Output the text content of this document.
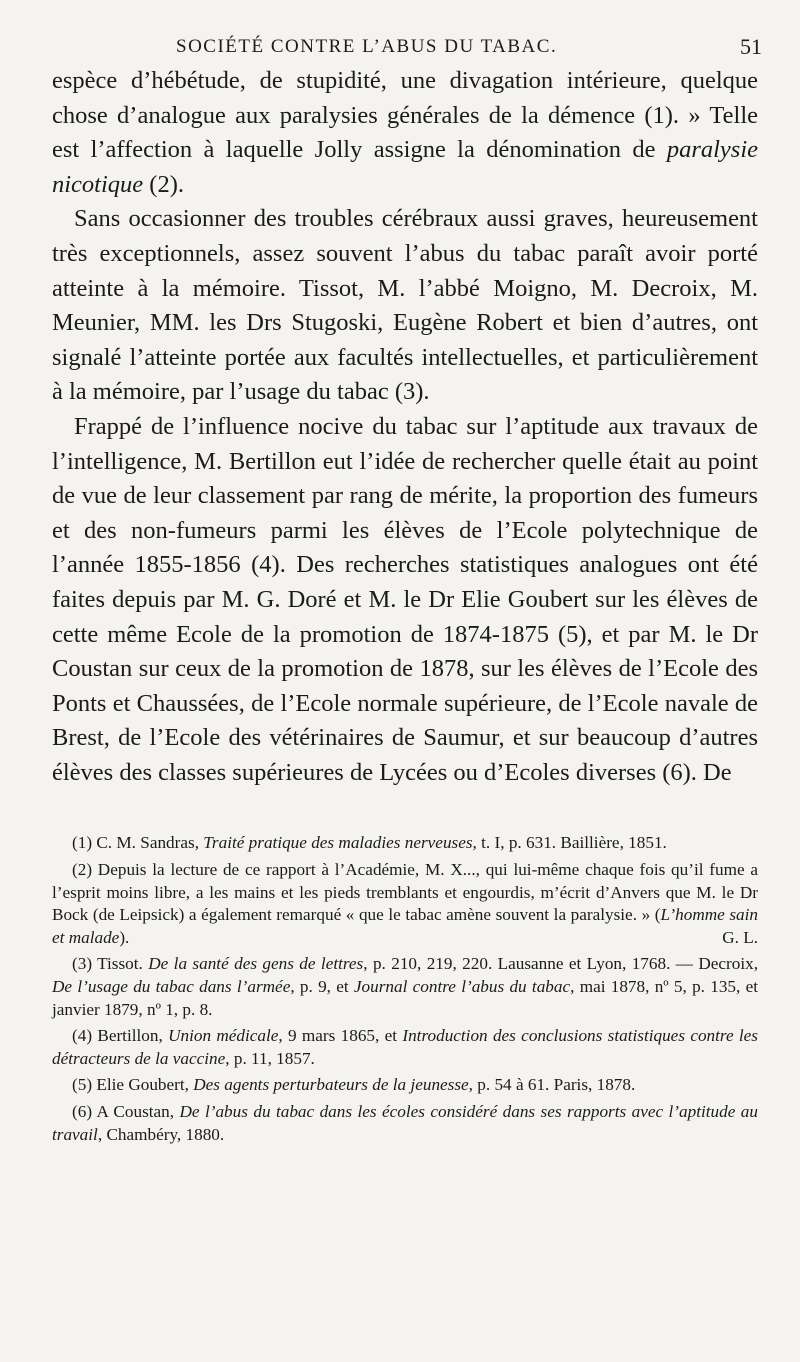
SOCIÉTÉ CONTRE L’ABUS DU TABAC.	51

espèce d’hébétude, de stupidité, une divagation intérieure, quelque chose d’analogue aux paralysies générales de la démence (1). » Telle est l’affection à laquelle Jolly assigne la dénomination de paralysie nicotique (2).

Sans occasionner des troubles cérébraux aussi graves, heureusement très exceptionnels, assez souvent l’abus du tabac paraît avoir porté atteinte à la mémoire. Tissot, M. l’abbé Moigno, M. Decroix, M. Meunier, MM. les Drs Stugoski, Eugène Robert et bien d’autres, ont signalé l’atteinte portée aux facultés intellectuelles, et particulièrement à la mémoire, par l’usage du tabac (3).

Frappé de l’influence nocive du tabac sur l’aptitude aux travaux de l’intelligence, M. Bertillon eut l’idée de rechercher quelle était au point de vue de leur classement par rang de mérite, la proportion des fumeurs et des non-fumeurs parmi les élèves de l’Ecole polytechnique de l’année 1855-1856 (4). Des recherches statistiques analogues ont été faites depuis par M. G. Doré et M. le Dr Elie Goubert sur les élèves de cette même Ecole de la promotion de 1874-1875 (5), et par M. le Dr Coustan sur ceux de la promotion de 1878, sur les élèves de l’Ecole des Ponts et Chaussées, de l’Ecole normale supérieure, de l’Ecole navale de Brest, de l’Ecole des vétérinaires de Saumur, et sur beaucoup d’autres élèves des classes supérieures de Lycées ou d’Ecoles diverses (6). De

(1) C. M. Sandras, Traité pratique des maladies nerveuses, t. I, p. 631. Baillière, 1851.

(2) Depuis la lecture de ce rapport à l’Académie, M. X..., qui lui-même chaque fois qu’il fume a l’esprit moins libre, a les mains et les pieds tremblants et engourdis, m’écrit d’Anvers que M. le Dr Bock (de Leipsick) a également remarqué « que le tabac amène souvent la paralysie. » (L’homme sain et malade).	G. L.

(3) Tissot. De la santé des gens de lettres, p. 210, 219, 220. Lausanne et Lyon, 1768. — Decroix, De l’usage du tabac dans l’armée, p. 9, et Journal contre l’abus du tabac, mai 1878, nº 5, p. 135, et janvier 1879, nº 1, p. 8.

(4) Bertillon, Union médicale, 9 mars 1865, et Introduction des conclusions statistiques contre les détracteurs de la vaccine, p. 11, 1857.

(5) Elie Goubert, Des agents perturbateurs de la jeunesse, p. 54 à 61. Paris, 1878.

(6) A Coustan, De l’abus du tabac dans les écoles considéré dans ses rapports avec l’aptitude au travail, Chambéry, 1880.
